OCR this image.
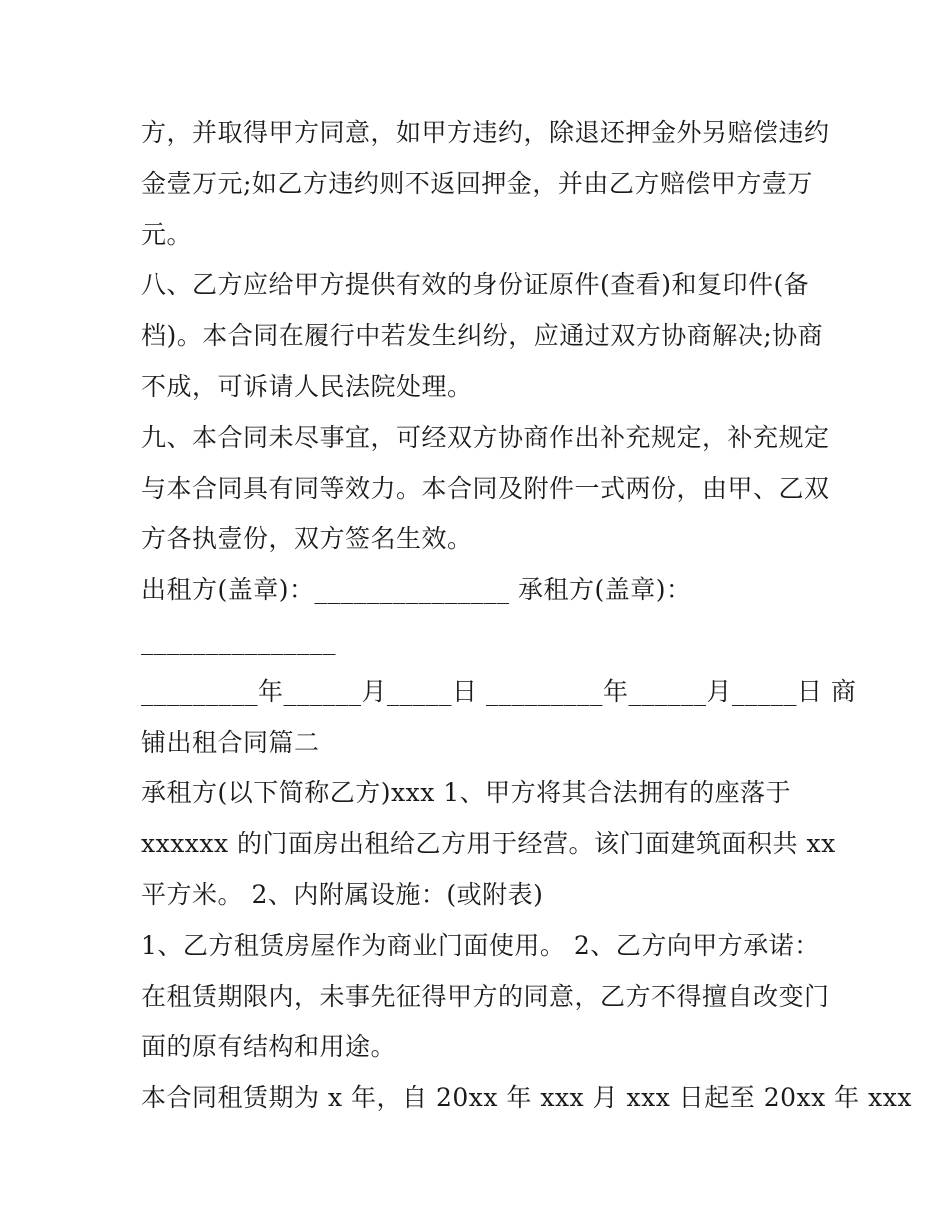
方，并取得甲方同意，如甲方违约，除退还押金外另赔偿违约
金壹万元;如乙方违约则不返回押金，并由乙方赔偿甲方壹万
元。
八、乙方应给甲方提供有效的身份证原件(查看)和复印件(备
档)。本合同在履行中若发生纠纷，应通过双方协商解决;协商
不成，可诉请人民法院处理。
九、本合同未尽事宜，可经双方协商作出补充规定，补充规定
与本合同具有同等效力。本合同及附件一式两份，由甲、乙双
方各执壹份，双方签名生效。
出租方(盖章)：_______________ 承租方(盖章)：
_______________
_________年______月_____日 _________年______月_____日 商
铺出租合同篇二
承租方(以下简称乙方)xxx 1、甲方将其合法拥有的座落于
xxxxxx 的门面房出租给乙方用于经营。该门面建筑面积共 xx
平方米。 2、内附属设施：(或附表)
1、乙方租赁房屋作为商业门面使用。 2、乙方向甲方承诺：
在租赁期限内，未事先征得甲方的同意，乙方不得擅自改变门
面的原有结构和用途。
本合同租赁期为 x 年，自 20xx 年 xxx 月 xxx 日起至 20xx 年 xxx
